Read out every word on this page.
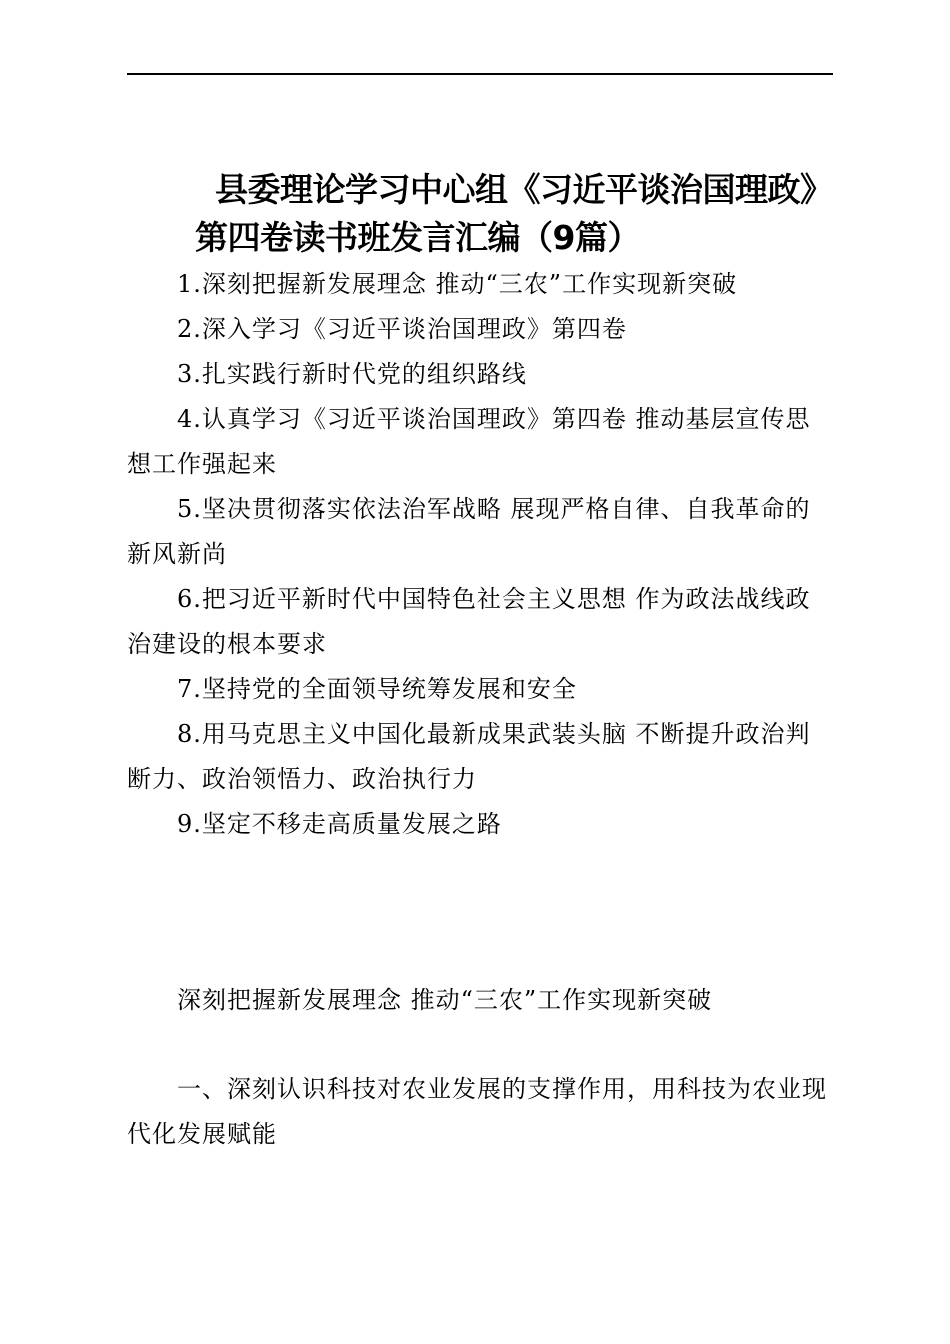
县委理论学习中心组《习近平谈治国理政》第四卷读书班发言汇编（9篇）
1.深刻把握新发展理念 推动“三农”工作实现新突破
2.深入学习《习近平谈治国理政》第四卷
3.扎实践行新时代党的组织路线
4.认真学习《习近平谈治国理政》第四卷 推动基层宣传思想工作强起来
5.坚决贯彻落实依法治军战略 展现严格自律、自我革命的新风新尚
6.把习近平新时代中国特色社会主义思想 作为政法战线政治建设的根本要求
7.坚持党的全面领导统筹发展和安全
8.用马克思主义中国化最新成果武装头脑 不断提升政治判断力、政治领悟力、政治执行力
9.坚定不移走高质量发展之路

深刻把握新发展理念 推动“三农”工作实现新突破

一、深刻认识科技对农业发展的支撑作用，用科技为农业现代化发展赋能
